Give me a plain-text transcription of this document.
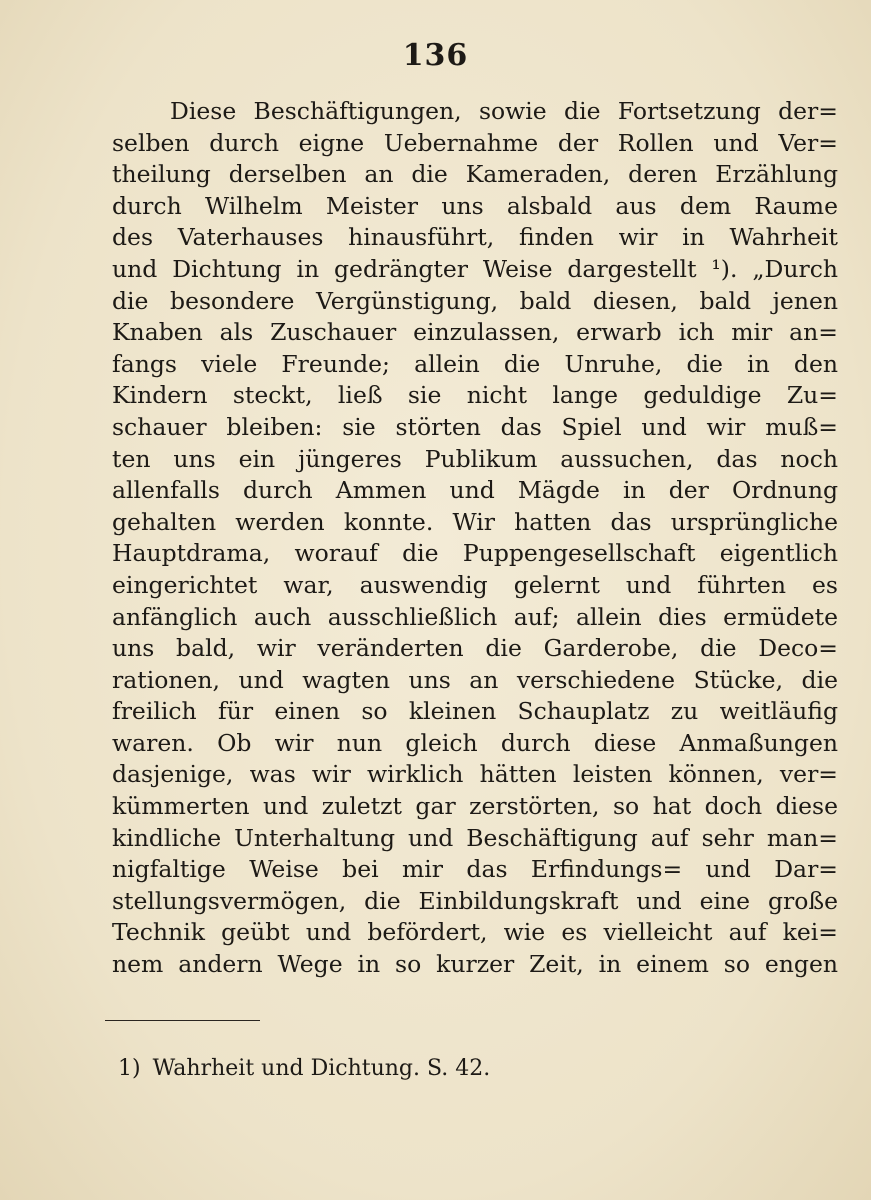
136
Diese Beschäftigungen, sowie die Fortsetzung der=
selben durch eigne Uebernahme der Rollen und Ver=
theilung derselben an die Kameraden, deren Erzählung
durch Wilhelm Meister uns alsbald aus dem Raume
des Vaterhauses hinausführt, finden wir in Wahrheit
und Dichtung in gedrängter Weise dargestellt ¹). „Durch
die besondere Vergünstigung, bald diesen, bald jenen
Knaben als Zuschauer einzulassen, erwarb ich mir an=
fangs viele Freunde; allein die Unruhe, die in den
Kindern steckt, ließ sie nicht lange geduldige Zu=
schauer bleiben: sie störten das Spiel und wir muß=
ten uns ein jüngeres Publikum aussuchen, das noch
allenfalls durch Ammen und Mägde in der Ordnung
gehalten werden konnte. Wir hatten das ursprüngliche
Hauptdrama, worauf die Puppengesellschaft eigentlich
eingerichtet war, auswendig gelernt und führten es
anfänglich auch ausschließlich auf; allein dies ermüdete
uns bald, wir veränderten die Garderobe, die Deco=
rationen, und wagten uns an verschiedene Stücke, die
freilich für einen so kleinen Schauplatz zu weitläufig
waren. Ob wir nun gleich durch diese Anmaßungen
dasjenige, was wir wirklich hätten leisten können, ver=
kümmerten und zuletzt gar zerstörten, so hat doch diese
kindliche Unterhaltung und Beschäftigung auf sehr man=
nigfaltige Weise bei mir das Erfindungs= und Dar=
stellungsvermögen, die Einbildungskraft und eine große
Technik geübt und befördert, wie es vielleicht auf kei=
nem andern Wege in so kurzer Zeit, in einem so engen
1) Wahrheit und Dichtung. S. 42.
